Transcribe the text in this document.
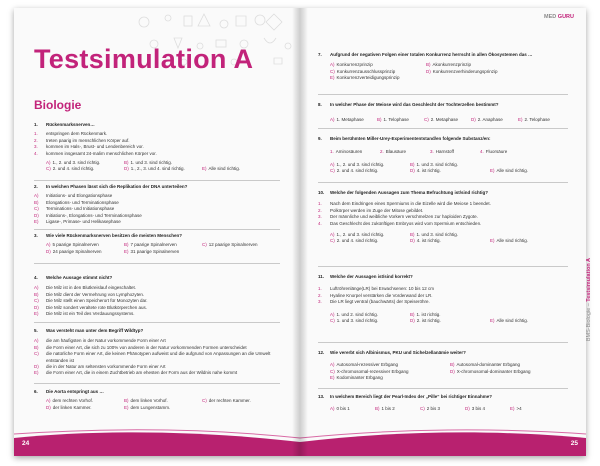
Testsimulation A
Biologie
1.	Rückenmarksnerven…
1.	entspringen dem Rückenmark.
2.	treten paarig im menschlichen Körper auf.
3.	kommen im Hals-, Brust- und Lendenbereich vor.
4.	kommen insgesamt 24-malim menschlichen Körper vor.
A) 1., 2. und 3. sind richtig.	B) 1. und 3. sind richtig.
C) 2. und 4. sind richtig.	D) 1., 2., 3. und 4. sind richtig.	E) Alle sind richtig.
2.	In welchen Phasen lässt sich die Replikation der DNA unterteilen?
A)	Initiations- und Elongationsphase
B)	Elongations- und Terminationsphase
C)	Terminations- und Initiationsphase
D)	Initiations-, Elongations- und Terminationsphase
E)	Ligase-, Primase- und Helikasephase
3.	Wie viele Rückenmarksnerven besitzen die meisten Menschen?
A) 5 paarige Spinalnerven	B) 7 paarige Spinalnerven	C) 12 paarige Spinalnerven
D) 24 paarige Spinalnerven	E) 31 paarige Spinalnerven
4.	Welche Aussage stimmt nicht?
A)	Die Milz ist in den Blutkreislauf eingeschaltet.
B)	Die Milz dient der Vermehrung von Lymphozyten.
C)	Die Milz stellt einen Speicherort für Monozyten dar.
D)	Die Milz sondert veraltete rote Blutkörperchen aus.
E)	Die Milz ist ein Teil des Verdauungssystems.
5.	Was versteht man unter dem Begriff Wildtyp?
A)	die am häufigsten in der Natur vorkommende Form einer Art
B)	die Form einer Art, die sich zu 100% von anderen in der Natur vorkommenden Formen unterscheidet
C)	die natürliche Form einer Art, die keinen Phänotypen aufweist und die aufgrund von Anpassungen an die Umwelt entstanden ist
D)	die in der Natur am seltensten vorkommende Form einer Art
E)	die Form einer Art, die in einem Zuchtbetrieb am ehesten der Form aus der Wildnis nahe kommt
6.	Die Aorta entspringt aus …
A) dem rechten Vorhof.	B) dem linken Vorhof.	C) der rechten Kammer.
D) der linken Kammer.	E) dem Lungenstamm.
24
MED GURU
7.	Aufgrund der negativen Folgen einer totalen Konkurrenz herrscht in allen Ökosystemen das …
A) Konkurrenzprinzip	B) Akonkurrenzprinzip
C) Konkurrenzausschlussprinzip	D) Konkurrenzverhinderungsprinzip
E) Konkurrenzverteidigungsprinzip
8.	In welcher Phase der Meiose wird das Geschlecht der Tochterzellen bestimmt?
A) 1. Metaphase	B) 1. Telophase	C) 2. Metaphase	D) 2. Anaphase	E) 2. Telophase
9.	Beim berühmten Miller-Urey-Experimententstand/en folgende Substanz/en:
1. Aminosäuren	2. Blausäure	3. Harnstoff	4. Fluorsäure
A) 1., 2. und 3. sind richtig.	B) 1. und 3. sind richtig.
C) 2. und 4. sind richtig.	D) 4. ist richtig.	E) Alle sind richtig.
10.	Welche der folgenden Aussagen zum Thema Befruchtung ist/sind richtig?
1.	Nach dem Eindringen eines Spermiums in die Eizelle wird die Meiose 1 beendet.
2.	Polkörper werden im Zuge der Mitose gebildet.
3.	Der männliche und weibliche Vorkern verschmelzen zur haploiden Zygote.
4.	Das Geschlecht des zukünftigen Embryos wird vom Spermium entschieden.
A) 1., 2. und 3. sind richtig.	B) 1. und 3. sind richtig.
C) 2. und 4. sind richtig.	D) 4. ist richtig.	E) Alle sind richtig.
11.	Welche der Aussagen ist/sind korrekt?
1.	Luftröhrenlänge(LR) bei Erwachsenen: 10 bis 12 cm
2.	Hyaline Knorpel verstärken die Vorderwand der LR.
3.	Die LR liegt ventral (bauchwärts) der Speiseröhre.
A) 1. und 2. sind richtig.	B) 1. ist richtig.
C) 1. und 3. sind richtig.	D) 2. ist richtig.	E) Alle sind richtig.
12.	Wie vererbt sich Albinismus, PKU und Sichelzellanämie weiter?
A) Autosomal-rezessiver Erbgang	B) Autosomal-dominanter Erbgang
C) X-chromosomal-rezessiver Erbgang	D) X-chromosomal-dominanter Erbgang
E) Kodominanter Erbgang
13.	In welchem Bereich liegt der Pearl-Index der „Pille“ bei richtiger Einnahme?
A) 0 bis 1	B) 1 bis 2	C) 2 bis 3	D) 3 bis 4	E) >4
BMS-Biologie – Testsimulation A
25
